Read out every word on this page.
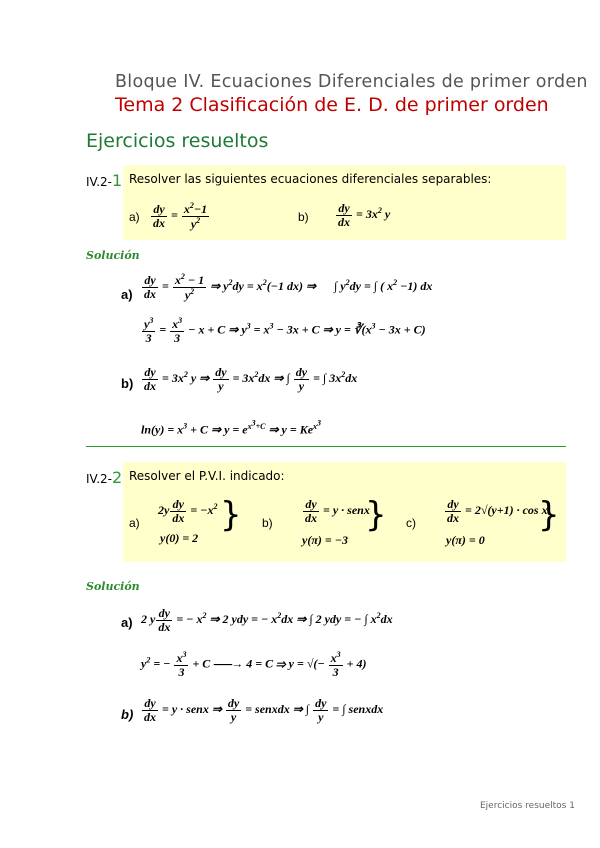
Bloque IV. Ecuaciones Diferenciales de primer orden
Tema 2 Clasificación de E. D. de primer orden
Ejercicios resueltos
IV.2-1 Resolver las siguientes ecuaciones diferenciales separables:
$a) \frac{dy}{dx} = \frac{x^2-1}{y^2}$	$b) \frac{dy}{dx} = 3x^2$ y
Solución
$a) \frac{dy}{dx} = \frac{x^2 - 1}{y^2}$ ⇒ $y^2dy = x^2(-1$ dx) ⇒      ∫ $y^2dy$ = ∫ ( $x^2 -1$) dx
$\frac{y^3}{3} = \frac{x^3}{3} - x + C$ ⇒ $y^3 = x^3 - 3x + C$ ⇒ $y = ∛(x^3 - 3x + C)$
$b) \frac{dy}{dx} = 3x^2$ y ⇒ $\frac{dy}{y} = 3x^2dx$ ⇒ ∫ $\frac{dy}{y}$ = ∫ $3x^2dx$
$\ln(y) = x^3 + C$ ⇒ $y = e^{x^3+C}$ ⇒ $y = Ke^{x^3}$
IV.2-2 Resolver el P.V.I. indicado:
a)
$2y \frac{dy}{dx} = -x^2$
y(0) = 2
} b)	$\frac{dy}{dx} = y$ · senx
y(π) = −3
} $c) \frac{dy}{dx} = 2√(y+1) \cdot \cos x$
y(π) = 0
}
Solución
a) 2 y $\frac{dy}{dx}$ = − $x^2$ ⇒ 2 ydy = − $x^2dx$ ⇒ ∫ 2 ydy = − ∫ $x^2dx$
$y^2$ = − $\frac{x^3}{3} + C$ ⎯⎯⎯→ 4 = C ⇒ y = √(− $\frac{x^3}{3} + 4$)
$b) \frac{dy}{dx} = y$ · senx ⇒ $\frac{dy}{y}$ = senxdx ⇒ ∫ $\frac{dy}{y}$ = ∫ senxdx
Ejercicios resueltos 1
